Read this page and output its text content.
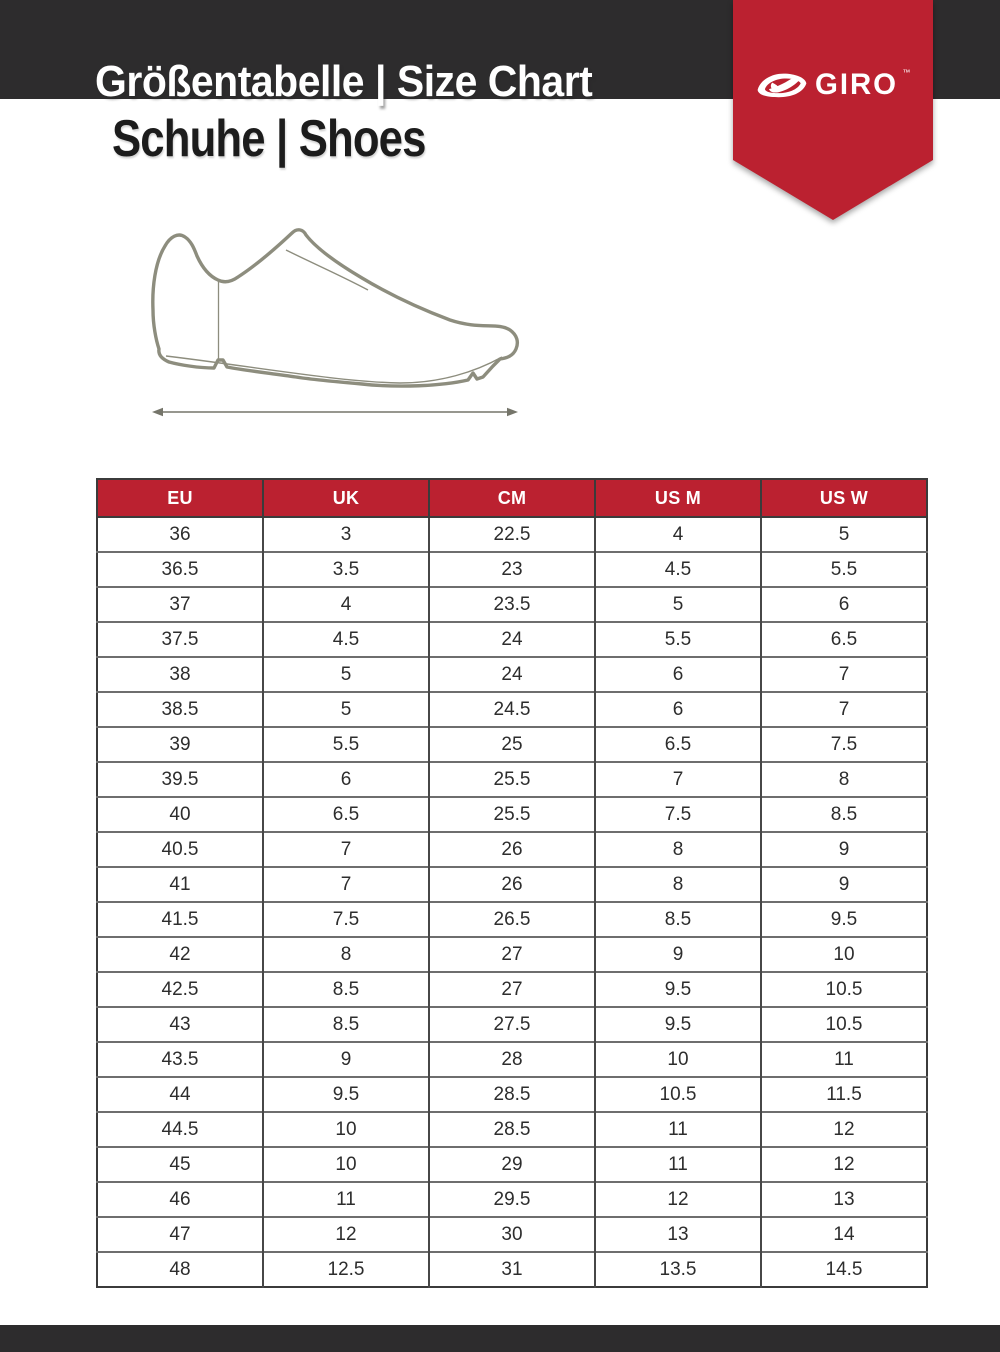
Größentabelle | Size Chart
Schuhe | Shoes
GIRO ™
EU	UK	CM	US M	US W
36	3	22.5	4	5
36.5	3.5	23	4.5	5.5
37	4	23.5	5	6
37.5	4.5	24	5.5	6.5
38	5	24	6	7
38.5	5	24.5	6	7
39	5.5	25	6.5	7.5
39.5	6	25.5	7	8
40	6.5	25.5	7.5	8.5
40.5	7	26	8	9
41	7	26	8	9
41.5	7.5	26.5	8.5	9.5
42	8	27	9	10
42.5	8.5	27	9.5	10.5
43	8.5	27.5	9.5	10.5
43.5	9	28	10	11
44	9.5	28.5	10.5	11.5
44.5	10	28.5	11	12
45	10	29	11	12
46	11	29.5	12	13
47	12	30	13	14
48	12.5	31	13.5	14.5
